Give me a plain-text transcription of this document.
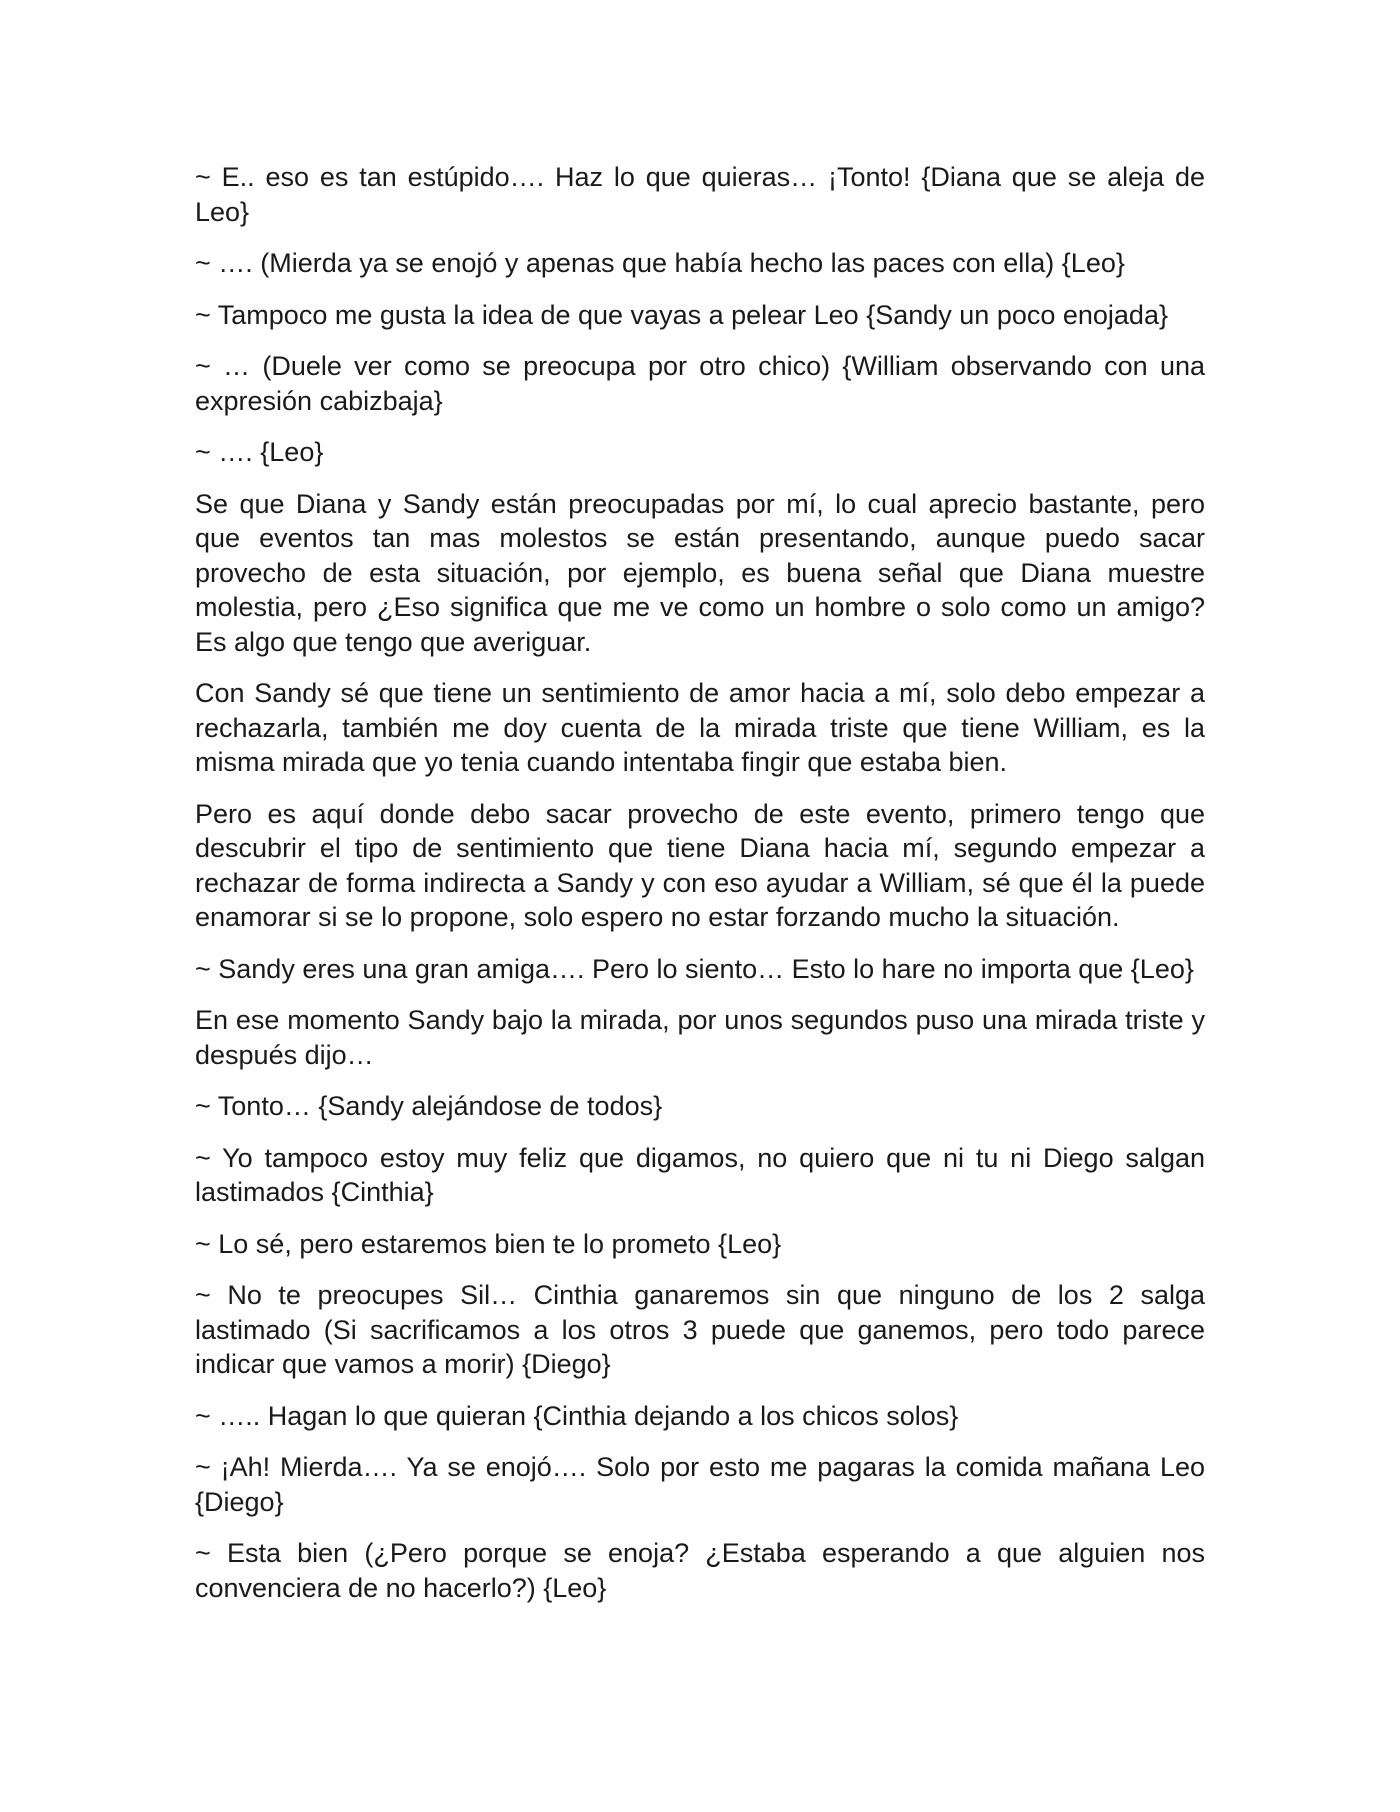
~ E.. eso es tan estúpido…. Haz lo que quieras… ¡Tonto! {Diana que se aleja de Leo}

~ …. (Mierda ya se enojó y apenas que había hecho las paces con ella) {Leo}

~ Tampoco me gusta la idea de que vayas a pelear Leo {Sandy un poco enojada}

~ … (Duele ver como se preocupa por otro chico) {William observando con una expresión cabizbaja}

~ …. {Leo}

Se que Diana y Sandy están preocupadas por mí, lo cual aprecio bastante, pero que eventos tan mas molestos se están presentando, aunque puedo sacar provecho de esta situación, por ejemplo, es buena señal que Diana muestre molestia, pero ¿Eso significa que me ve como un hombre o solo como un amigo? Es algo que tengo que averiguar.

Con Sandy sé que tiene un sentimiento de amor hacia a mí, solo debo empezar a rechazarla, también me doy cuenta de la mirada triste que tiene William, es la misma mirada que yo tenia cuando intentaba fingir que estaba bien.

Pero es aquí donde debo sacar provecho de este evento, primero tengo que descubrir el tipo de sentimiento que tiene Diana hacia mí, segundo empezar a rechazar de forma indirecta a Sandy y con eso ayudar a William, sé que él la puede enamorar si se lo propone, solo espero no estar forzando mucho la situación.

~ Sandy eres una gran amiga…. Pero lo siento… Esto lo hare no importa que {Leo}

En ese momento Sandy bajo la mirada, por unos segundos puso una mirada triste y después dijo…

~ Tonto… {Sandy alejándose de todos}

~ Yo tampoco estoy muy feliz que digamos, no quiero que ni tu ni Diego salgan lastimados {Cinthia}

~ Lo sé, pero estaremos bien te lo prometo {Leo}

~ No te preocupes Sil… Cinthia ganaremos sin que ninguno de los 2 salga lastimado (Si sacrificamos a los otros 3 puede que ganemos, pero todo parece indicar que vamos a morir) {Diego}

~ ….. Hagan lo que quieran {Cinthia dejando a los chicos solos}

~ ¡Ah! Mierda…. Ya se enojó…. Solo por esto me pagaras la comida mañana Leo {Diego}

~ Esta bien (¿Pero porque se enoja? ¿Estaba esperando a que alguien nos convenciera de no hacerlo?) {Leo}
